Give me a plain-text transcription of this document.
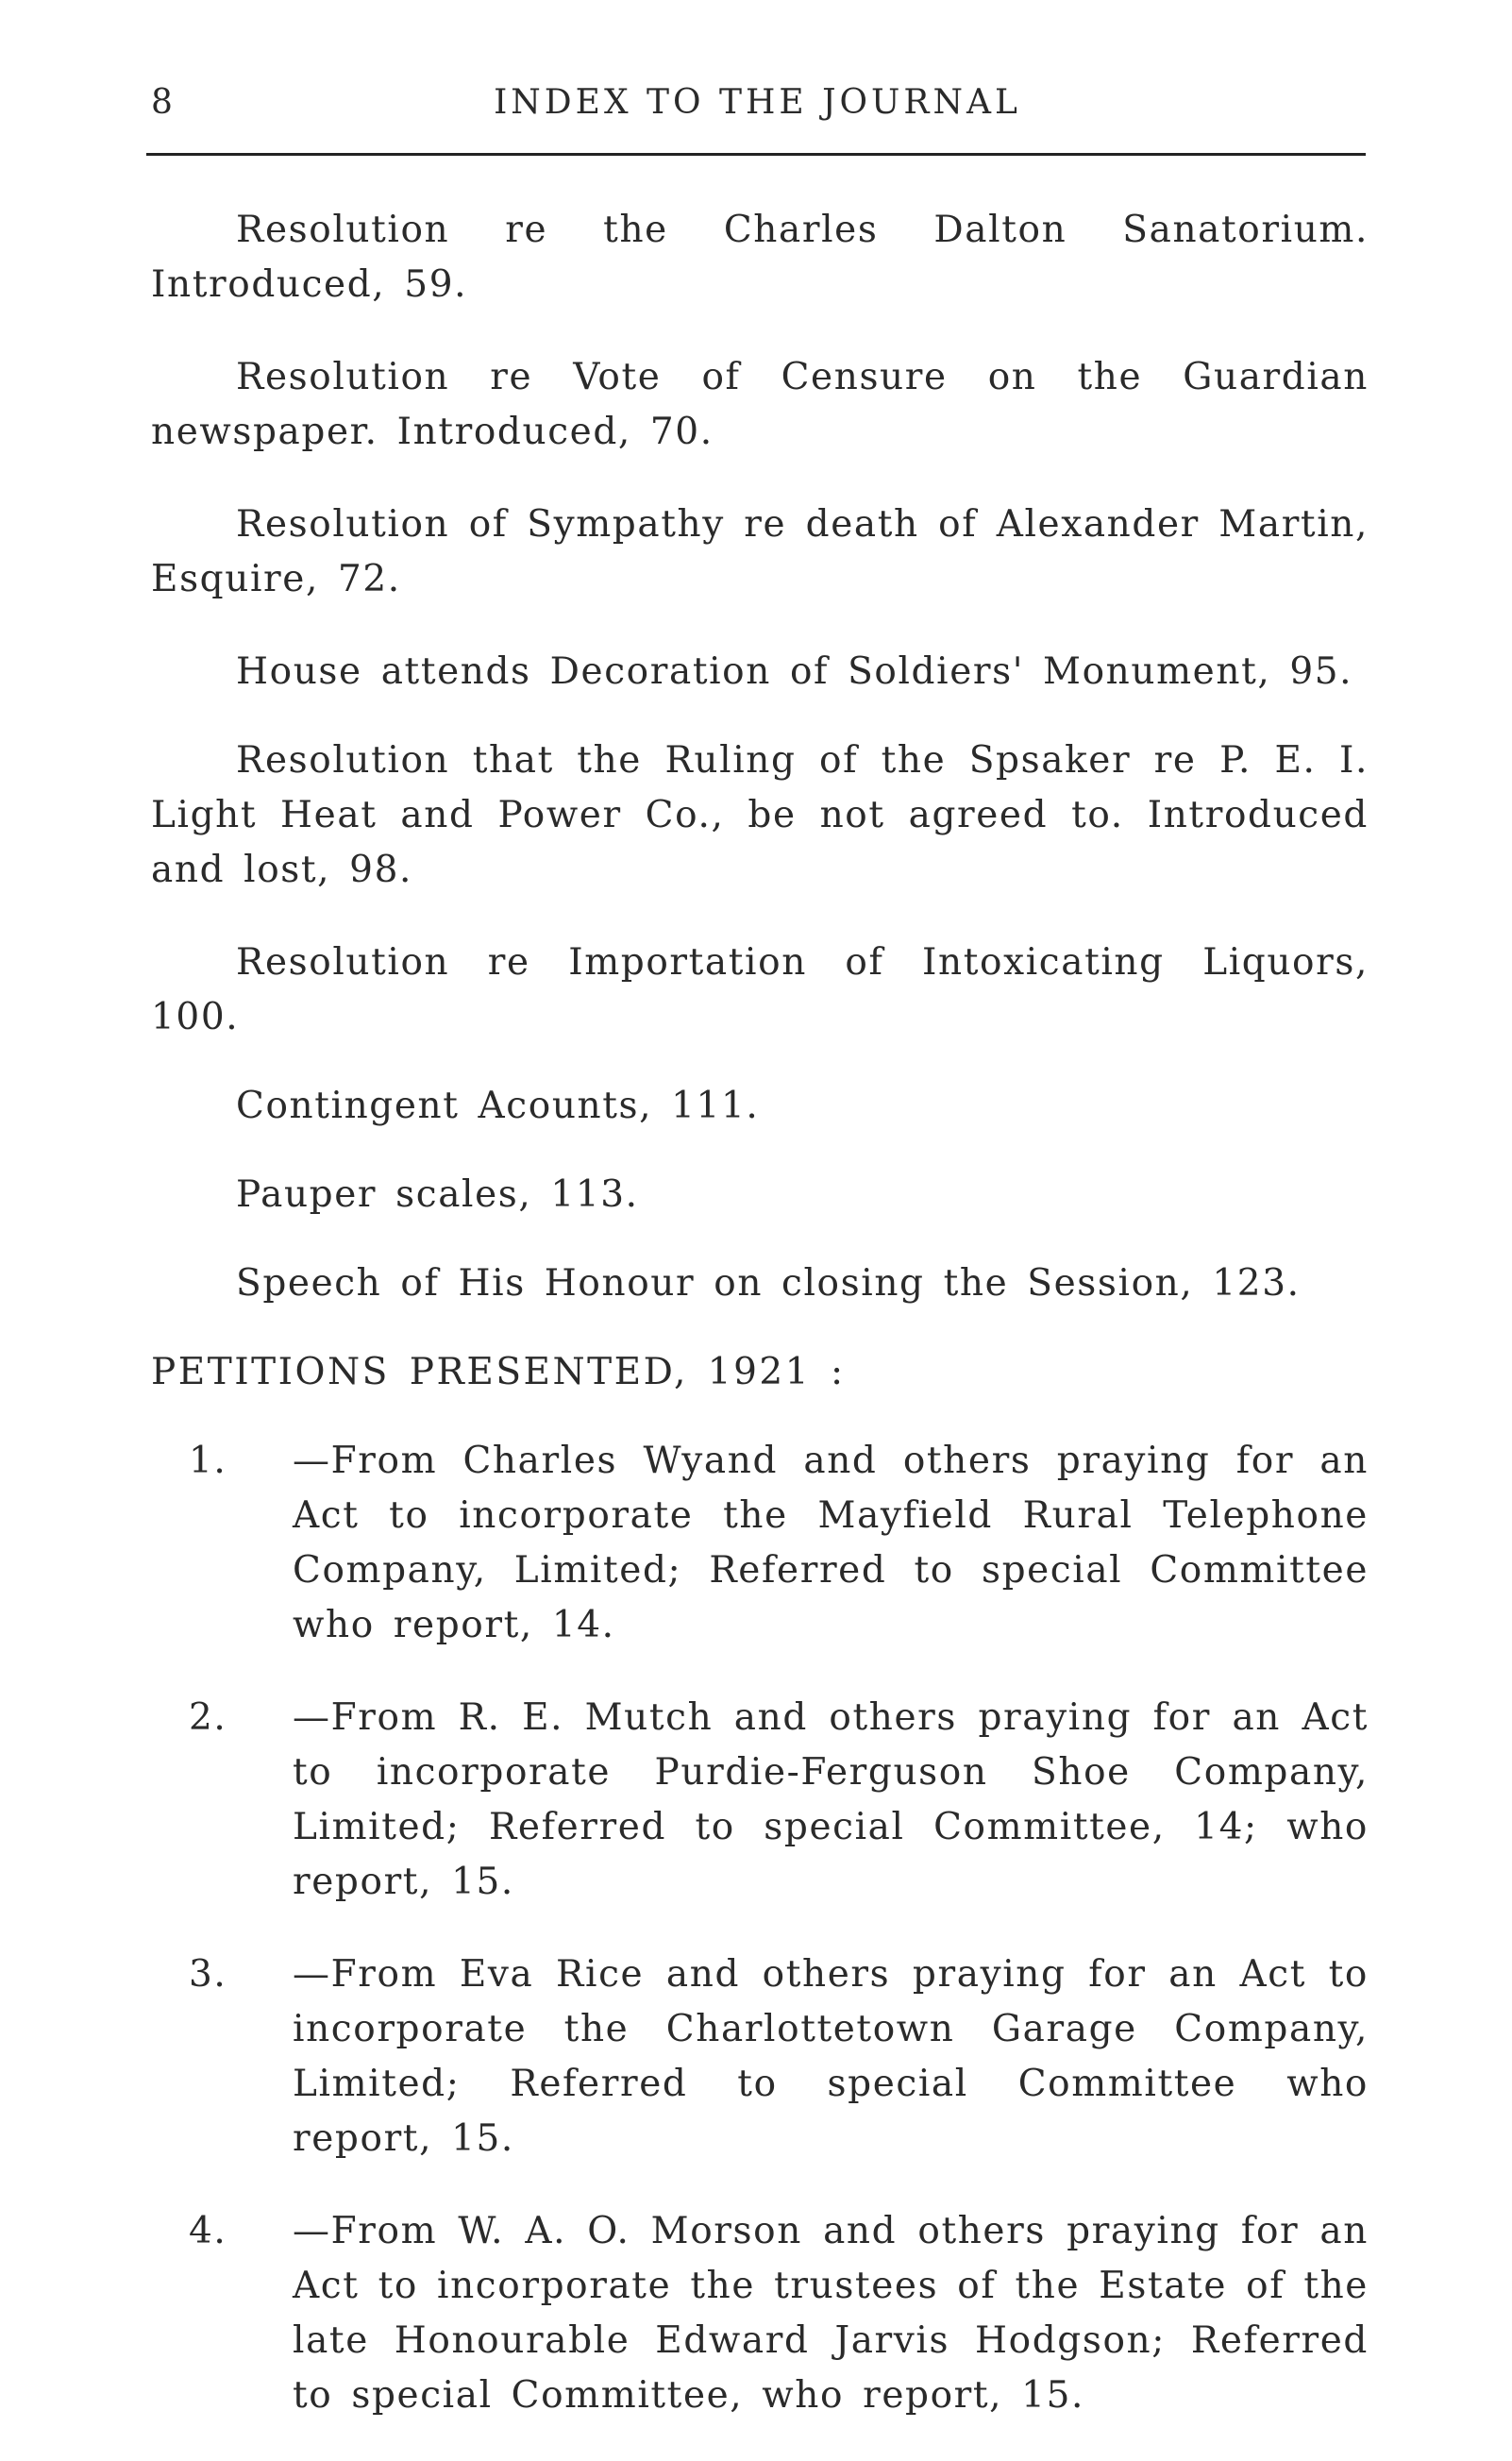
8	INDEX TO THE JOURNAL

Resolution re the Charles Dalton Sanatorium. Introduced, 59.

Resolution re Vote of Censure on the Guardian newspaper. Introduced, 70.

Resolution of Sympathy re death of Alexander Martin, Esquire, 72.

House attends Decoration of Soldiers' Monument, 95.

Resolution that the Ruling of the Spsaker re P. E. I. Light Heat and Power Co., be not agreed to. Introduced and lost, 98.

Resolution re Importation of Intoxicating Liquors, 100.

Contingent Acounts, 111.

Pauper scales, 113.

Speech of His Honour on closing the Session, 123.

PETITIONS PRESENTED, 1921 :

1. —From Charles Wyand and others praying for an Act to incorporate the Mayfield Rural Telephone Company, Limited; Referred to special Committee who report, 14.
2. —From R. E. Mutch and others praying for an Act to incorporate Purdie-Ferguson Shoe Company, Limited; Referred to special Committee, 14; who report, 15.
3. —From Eva Rice and others praying for an Act to incorporate the Charlottetown Garage Company, Limited; Referred to special Committee who report, 15.
4. —From W. A. O. Morson and others praying for an Act to incorporate the trustees of the Estate of the late Honourable Edward Jarvis Hodgson; Referred to special Committee, who report, 15.
